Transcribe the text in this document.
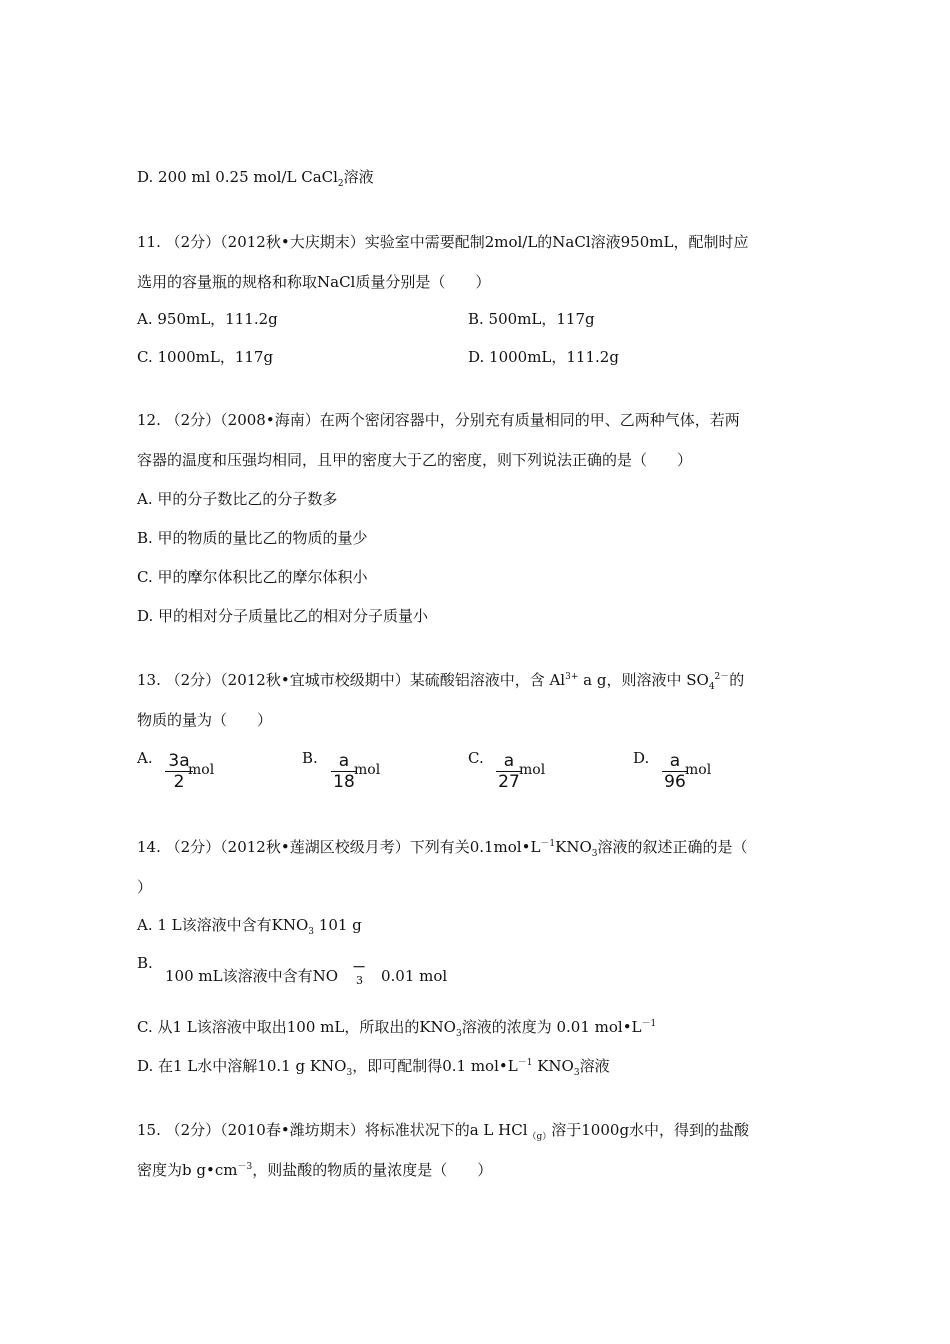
D. 200 ml 0.25 mol/L CaCl$_2$溶液
11. （2分）（2012秋•大庆期末）实验室中需要配制2mol/L的NaCl溶液950mL，配制时应
选用的容量瓶的规格和称取NaCl质量分别是（　　）
A. 950mL，111.2g	B. 500mL，117g
C. 1000mL，117g	D. 1000mL，111.2g
12. （2分）（2008•海南）在两个密闭容器中，分别充有质量相同的甲、乙两种气体，若两
容器的温度和压强均相同，且甲的密度大于乙的密度，则下列说法正确的是（　　）
A. 甲的分子数比乙的分子数多
B. 甲的物质的量比乙的物质的量少
C. 甲的摩尔体积比乙的摩尔体积小
D. 甲的相对分子质量比乙的相对分子质量小
13. （2分）（2012秋•宜城市校级期中）某硫酸铝溶液中，含 $Al^{3+}$ a g，则溶液中 $SO_4^{2-}$的
物质的量为（　　）
A. 3a
2
mol
B.	a
18
mol
C.	a
27
mol
D.	a
96
mol
14. （2分）（2012秋•莲湖区校级月考）下列有关$0.1mol•L^{-1}KNO_3$溶液的叙述正确的是（
）
A. 1 L该溶液中含有$KNO_3$ 101 g
B.
100 mL该溶液中含有NO －
3 0.01 mol
C. 从1 L该溶液中取出100 mL，所取出的$KNO_3$溶液的浓度为 0.01 $mol•L^{-1}$
D. 在1 L水中溶解10.1 g $KNO_3$，即可配制得0.1 $mol•L^{-1}$ $KNO_3$溶液
15. （2分）（2010春•潍坊期末）将标准状况下的a L HCl$_{(g)}$溶于1000g水中，得到的盐酸
密度为b $g•cm^{-3}$，则盐酸的物质的量浓度是（　　）
